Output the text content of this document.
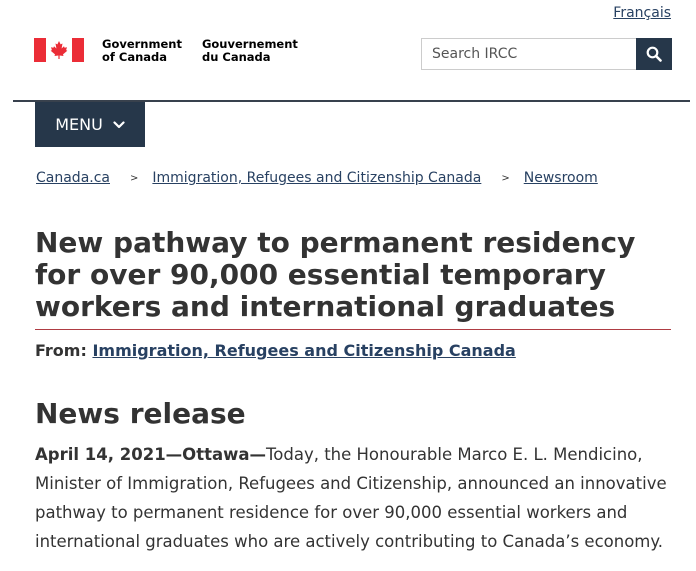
Français
Government
of Canada
Gouvernement
du Canada
Search IRCC
MENU
Canada.ca > Immigration, Refugees and Citizenship Canada > Newsroom
New pathway to permanent residency for over 90,000 essential temporary workers and international graduates
From: Immigration, Refugees and Citizenship Canada
News release

April 14, 2021—Ottawa—Today, the Honourable Marco E. L. Mendicino, Minister of Immigration, Refugees and Citizenship, announced an innovative pathway to permanent residence for over 90,000 essential workers and international graduates who are actively contributing to Canada’s economy.
